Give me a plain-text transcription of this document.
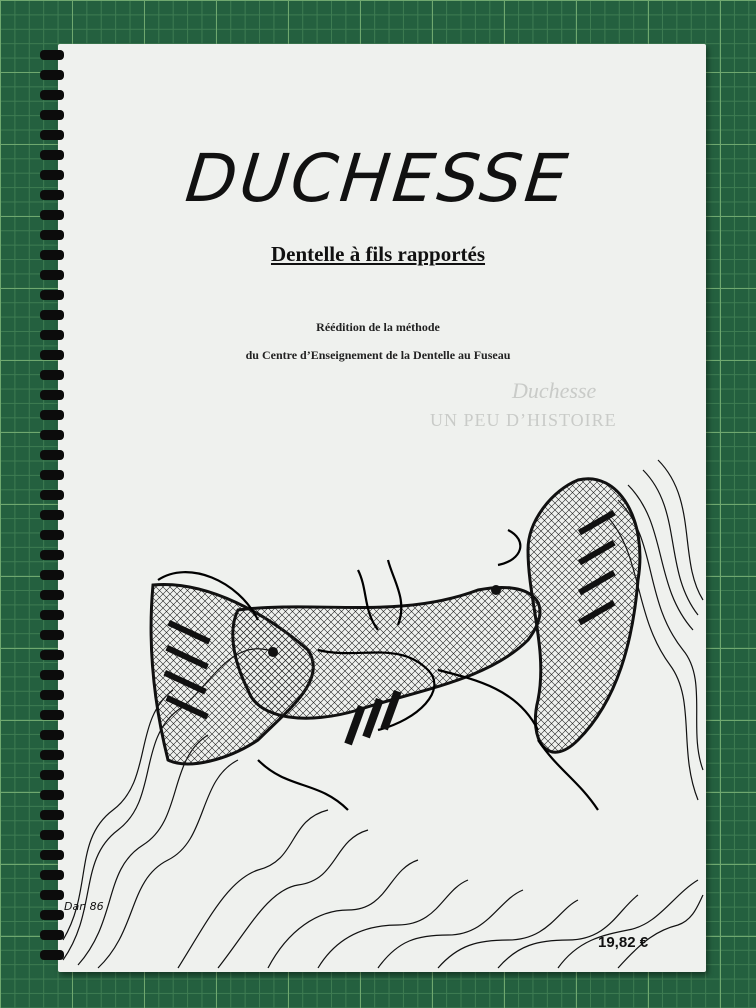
DUCHESSE
Dentelle à fils rapportés
Réédition de la méthode
du Centre d’Enseignement de la Dentelle au Fuseau
Duchesse
UN PEU D’HISTOIRE
Dan 86
19,82 €
